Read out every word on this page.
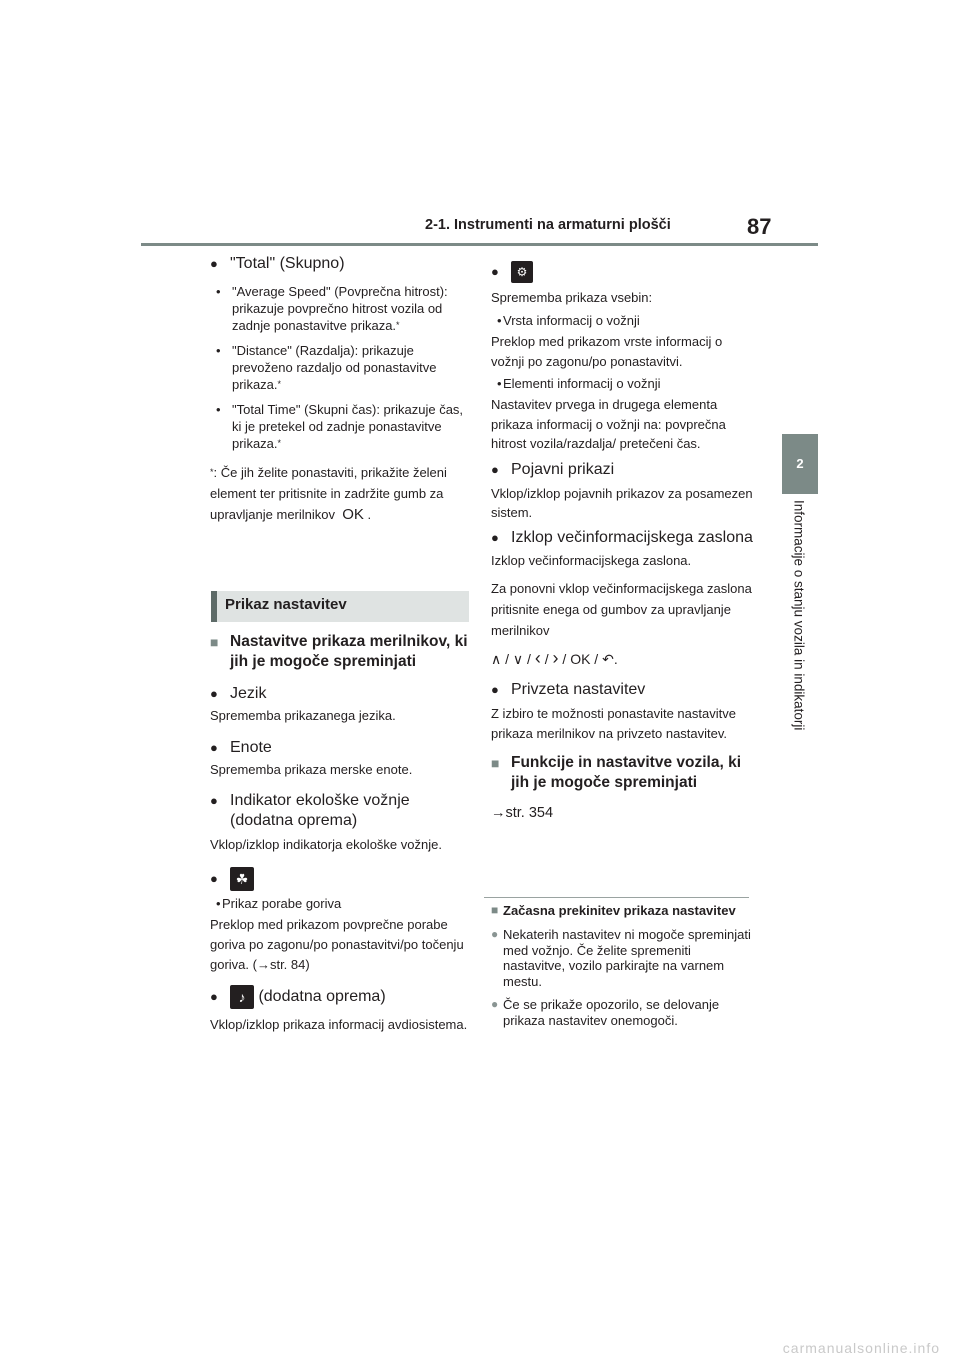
2-1. Instrumenti na armaturni plošči	87
2
Informacije o stanju vozila in indikatorji

● "Total" (Skupno)

• "Average Speed" (Povprečna hitrost): prikazuje povprečno hitrost vozila od zadnje ponastavitve prikaza.*

• "Distance" (Razdalja): prikazuje prevoženo razdaljo od ponastavitve prikaza.*

• "Total Time" (Skupni čas): prikazuje čas, ki je pretekel od zadnje ponastavitve prikaza.*

*: Če jih želite ponastaviti, prikažite želeni element ter pritisnite in zadržite gumb za upravljanje merilnikov OK .

Prikaz nastavitev

■ Nastavitve prikaza merilnikov, ki jih je mogoče spreminjati

● Jezik

Sprememba prikazanega jezika.

● Enote

Sprememba prikaza merske enote.

● Indikator ekološke vožnje (dodatna oprema)

Vklop/izklop indikatorja ekološke vožnje.

● ☘

• Prikaz porabe goriva

Preklop med prikazom povprečne porabe goriva po zagonu/po ponastavitvi/po točenju goriva. (→str. 84)

● ♪ (dodatna oprema)

Vklop/izklop prikaza informacij avdiosistema.

● ⚙

Sprememba prikaza vsebin:

• Vrsta informacij o vožnji

Preklop med prikazom vrste informacij o vožnji po zagonu/po ponastavitvi.

• Elementi informacij o vožnji

Nastavitev prvega in drugega elementa prikaza informacij o vožnji na: povprečna hitrost vozila/razdalja/ pretečeni čas.

● Pojavni prikazi

Vklop/izklop pojavnih prikazov za posamezen sistem.

● Izklop večinformacijskega zaslona

Izklop večinformacijskega zaslona.

Za ponovni vklop večinformacijskega zaslona pritisnite enega od gumbov za upravljanje merilnikov

∧ / ∨ / ‹ / › / OK / ↶.

● Privzeta nastavitev

Z izbiro te možnosti ponastavite nastavitve prikaza merilnikov na privzeto nastavitev.

■ Funkcije in nastavitve vozila, ki jih je mogoče spreminjati

→str. 354

■ Začasna prekinitev prikaza nastavitev

● Nekaterih nastavitev ni mogoče spreminjati med vožnjo. Če želite spremeniti nastavitve, vozilo parkirajte na varnem mestu.

● Če se prikaže opozorilo, se delovanje prikaza nastavitev onemogoči.

carmanualsonline.info
